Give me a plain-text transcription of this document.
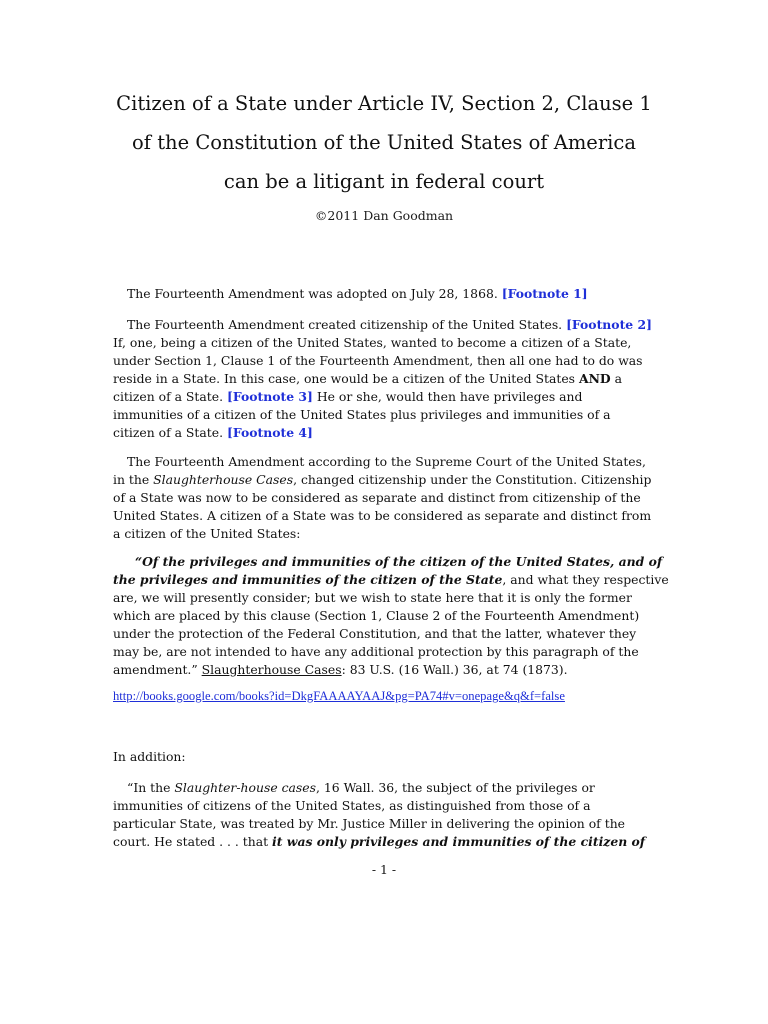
Citizen of a State under Article IV, Section 2, Clause 1
of the Constitution of the United States of America
can be a litigant in federal court
©2011 Dan Goodman
The Fourteenth Amendment was adopted on July 28, 1868. [Footnote 1]
The Fourteenth Amendment created citizenship of the United States. [Footnote 2]
If, one, being a citizen of the United States, wanted to become a citizen of a State,
under Section 1, Clause 1 of the Fourteenth Amendment, then all one had to do was
reside in a State. In this case, one would be a citizen of the United States AND a
citizen of a State. [Footnote 3] He or she, would then have privileges and
immunities of a citizen of the United States plus privileges and immunities of a
citizen of a State. [Footnote 4]
The Fourteenth Amendment according to the Supreme Court of the United States,
in the Slaughterhouse Cases, changed citizenship under the Constitution. Citizenship
of a State was now to be considered as separate and distinct from citizenship of the
United States. A citizen of a State was to be considered as separate and distinct from
a citizen of the United States:
“Of the privileges and immunities of the citizen of the United States, and of
the privileges and immunities of the citizen of the State, and what they respective
are, we will presently consider; but we wish to state here that it is only the former
which are placed by this clause (Section 1, Clause 2 of the Fourteenth Amendment)
under the protection of the Federal Constitution, and that the latter, whatever they
may be, are not intended to have any additional protection by this paragraph of the
amendment.” Slaughterhouse Cases: 83 U.S. (16 Wall.) 36, at 74 (1873).
http://books.google.com/books?id=DkgFAAAAYAAJ&pg=PA74#v=onepage&q&f=false
In addition:
“In the Slaughter-house cases, 16 Wall. 36, the subject of the privileges or
immunities of citizens of the United States, as distinguished from those of a
particular State, was treated by Mr. Justice Miller in delivering the opinion of the
court. He stated . . . that it was only privileges and immunities of the citizen of
- 1 -
